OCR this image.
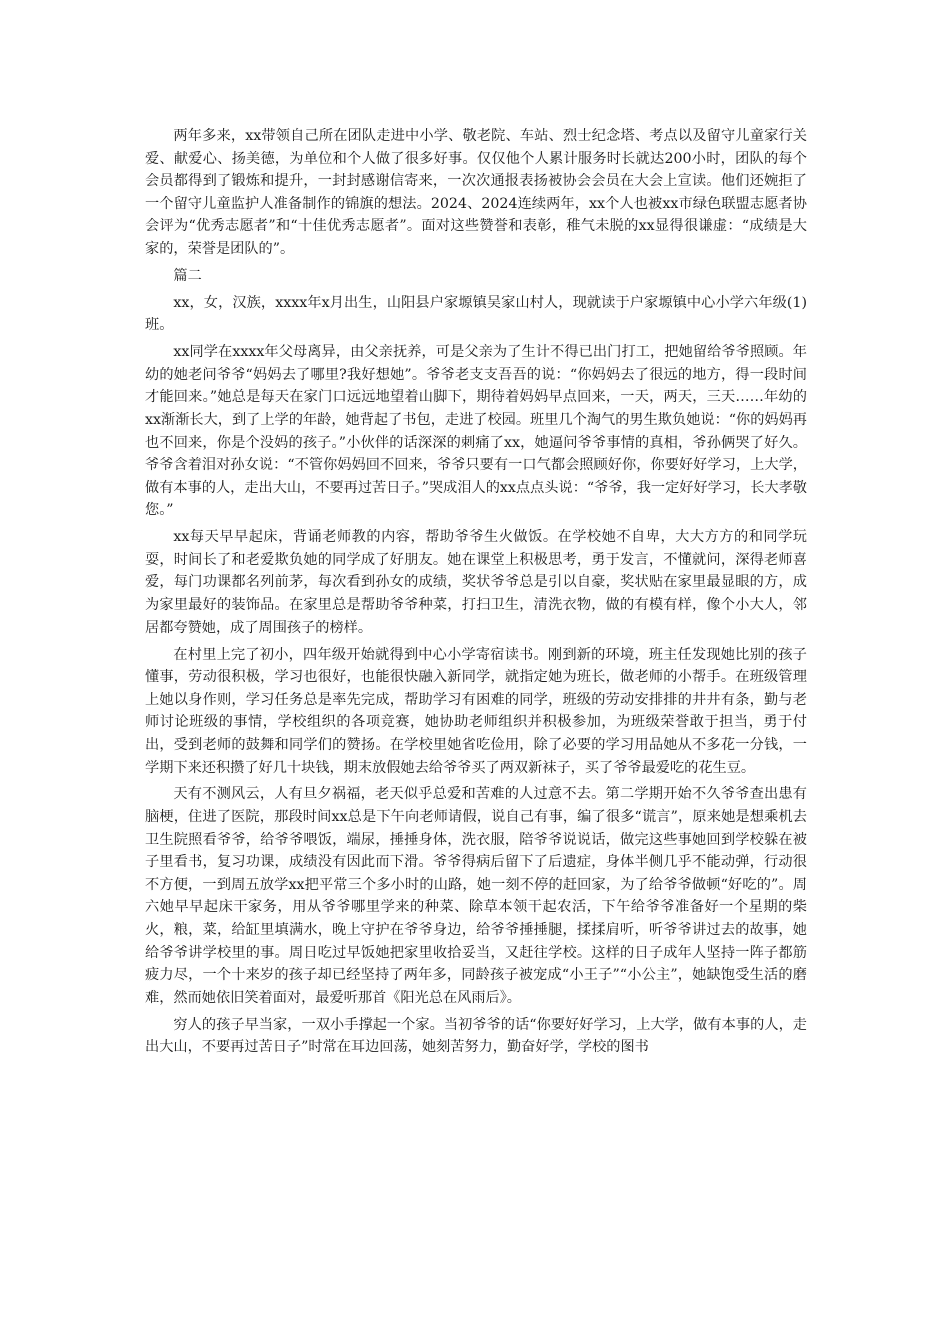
两年多来，xx带领自己所在团队走进中小学、敬老院、车站、烈士纪念塔、考点以及留守儿童家行关爱、献爱心、扬美德，为单位和个人做了很多好事。仅仅他个人累计服务时长就达200小时，团队的每个会员都得到了锻炼和提升，一封封感谢信寄来，一次次通报表扬被协会会员在大会上宣读。他们还婉拒了一个留守儿童监护人准备制作的锦旗的想法。2024、2024连续两年，xx个人也被xx市绿色联盟志愿者协会评为“优秀志愿者”和“十佳优秀志愿者”。面对这些赞誉和表彰，稚气未脱的xx显得很谦虚：“成绩是大家的，荣誉是团队的”。

篇二

xx，女，汉族，xxxx年x月出生，山阳县户家塬镇吴家山村人，现就读于户家塬镇中心小学六年级(1)班。

xx同学在xxxx年父母离异，由父亲抚养，可是父亲为了生计不得已出门打工，把她留给爷爷照顾。年幼的她老问爷爷“妈妈去了哪里?我好想她”。爷爷老支支吾吾的说：“你妈妈去了很远的地方，得一段时间才能回来。”她总是每天在家门口远远地望着山脚下，期待着妈妈早点回来，一天，两天，三天……年幼的xx渐渐长大，到了上学的年龄，她背起了书包，走进了校园。班里几个淘气的男生欺负她说：“你的妈妈再也不回来，你是个没妈的孩子。”小伙伴的话深深的刺痛了xx，她逼问爷爷事情的真相，爷孙俩哭了好久。爷爷含着泪对孙女说：“不管你妈妈回不回来，爷爷只要有一口气都会照顾好你，你要好好学习，上大学，做有本事的人，走出大山，不要再过苦日子。”哭成泪人的xx点点头说：“爷爷，我一定好好学习，长大孝敬您。”

xx每天早早起床，背诵老师教的内容，帮助爷爷生火做饭。在学校她不自卑，大大方方的和同学玩耍，时间长了和老爱欺负她的同学成了好朋友。她在课堂上积极思考，勇于发言，不懂就问，深得老师喜爱，每门功课都名列前茅，每次看到孙女的成绩，奖状爷爷总是引以自豪，奖状贴在家里最显眼的方，成为家里最好的装饰品。在家里总是帮助爷爷种菜，打扫卫生，清洗衣物，做的有模有样，像个小大人，邻居都夸赞她，成了周围孩子的榜样。

在村里上完了初小，四年级开始就得到中心小学寄宿读书。刚到新的环境，班主任发现她比别的孩子懂事，劳动很积极，学习也很好，也能很快融入新同学，就指定她为班长，做老师的小帮手。在班级管理上她以身作则，学习任务总是率先完成，帮助学习有困难的同学，班级的劳动安排排的井井有条，勤与老师讨论班级的事情，学校组织的各项竞赛，她协助老师组织并积极参加，为班级荣誉敢于担当，勇于付出，受到老师的鼓舞和同学们的赞扬。在学校里她省吃俭用，除了必要的学习用品她从不多花一分钱，一学期下来还积攒了好几十块钱，期末放假她去给爷爷买了两双新袜子，买了爷爷最爱吃的花生豆。

天有不测风云，人有旦夕祸福，老天似乎总爱和苦难的人过意不去。第二学期开始不久爷爷查出患有脑梗，住进了医院，那段时间xx总是下午向老师请假，说自己有事，编了很多“谎言”，原来她是想乘机去卫生院照看爷爷，给爷爷喂饭，端尿，捶捶身体，洗衣服，陪爷爷说说话，做完这些事她回到学校躲在被子里看书，复习功课，成绩没有因此而下滑。爷爷得病后留下了后遗症，身体半侧几乎不能动弹，行动很不方便，一到周五放学xx把平常三个多小时的山路，她一刻不停的赶回家，为了给爷爷做顿“好吃的”。周六她早早起床干家务，用从爷爷哪里学来的种菜、除草本领干起农活，下午给爷爷准备好一个星期的柴火，粮，菜，给缸里填满水，晚上守护在爷爷身边，给爷爷捶捶腿，揉揉肩听，听爷爷讲过去的故事，她给爷爷讲学校里的事。周日吃过早饭她把家里收拾妥当，又赶往学校。这样的日子成年人坚持一阵子都筋疲力尽，一个十来岁的孩子却已经坚持了两年多，同龄孩子被宠成“小王子”“小公主”，她缺饱受生活的磨难，然而她依旧笑着面对，最爱听那首《阳光总在风雨后》。

穷人的孩子早当家，一双小手撑起一个家。当初爷爷的话“你要好好学习，上大学，做有本事的人，走出大山，不要再过苦日子”时常在耳边回荡，她刻苦努力，勤奋好学，学校的图书
